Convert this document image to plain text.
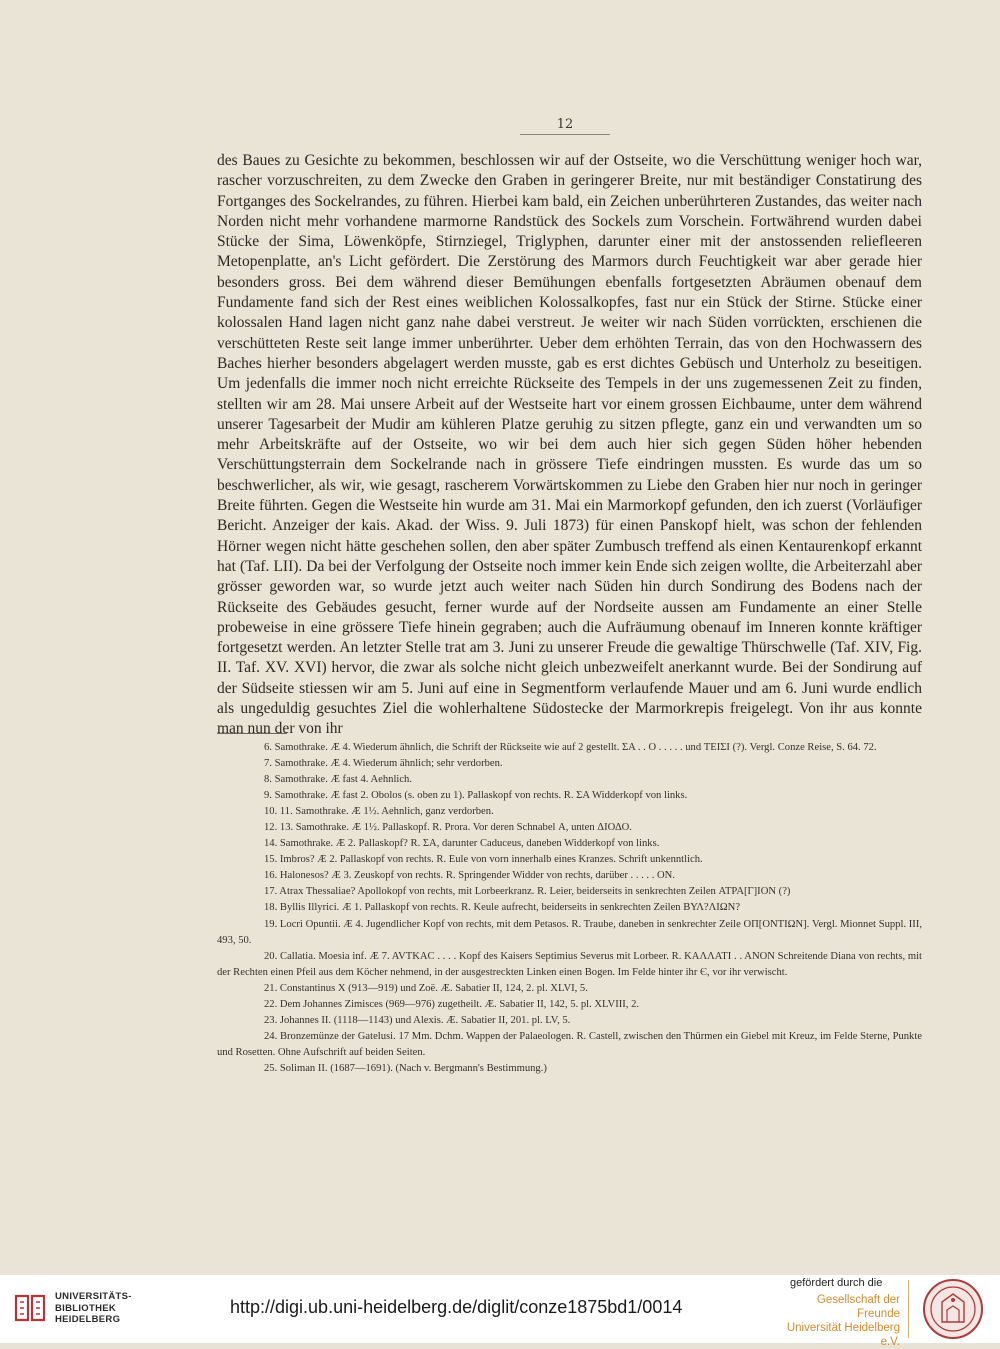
12

des Baues zu Gesichte zu bekommen, beschlossen wir auf der Ostseite, wo die Verschüttung weniger hoch war, rascher vorzuschreiten, zu dem Zwecke den Graben in geringerer Breite, nur mit beständiger Constatirung des Fortganges des Sockelrandes, zu führen. Hierbei kam bald, ein Zeichen unberührteren Zustandes, das weiter nach Norden nicht mehr vorhandene marmorne Randstück des Sockels zum Vorschein. Fortwährend wurden dabei Stücke der Sima, Löwenköpfe, Stirnziegel, Triglyphen, darunter einer mit der anstossenden reliefleeren Metopenplatte, an's Licht gefördert. Die Zerstörung des Marmors durch Feuchtigkeit war aber gerade hier besonders gross. Bei dem während dieser Bemühungen ebenfalls fortgesetzten Abräumen obenauf dem Fundamente fand sich der Rest eines weiblichen Kolossalkopfes, fast nur ein Stück der Stirne. Stücke einer kolossalen Hand lagen nicht ganz nahe dabei verstreut. Je weiter wir nach Süden vorrückten, erschienen die verschütteten Reste seit lange immer unberührter. Ueber dem erhöhten Terrain, das von den Hochwassern des Baches hierher besonders abgelagert werden musste, gab es erst dichtes Gebüsch und Unterholz zu beseitigen. Um jedenfalls die immer noch nicht erreichte Rückseite des Tempels in der uns zugemessenen Zeit zu finden, stellten wir am 28. Mai unsere Arbeit auf der Westseite hart vor einem grossen Eichbaume, unter dem während unserer Tagesarbeit der Mudir am kühleren Platze geruhig zu sitzen pflegte, ganz ein und verwandten um so mehr Arbeitskräfte auf der Ostseite, wo wir bei dem auch hier sich gegen Süden höher hebenden Verschüttungsterrain dem Sockelrande nach in grössere Tiefe eindringen mussten. Es wurde das um so beschwerlicher, als wir, wie gesagt, rascherem Vorwärtskommen zu Liebe den Graben hier nur noch in geringer Breite führten. Gegen die Westseite hin wurde am 31. Mai ein Marmorkopf gefunden, den ich zuerst (Vorläufiger Bericht. Anzeiger der kais. Akad. der Wiss. 9. Juli 1873) für einen Panskopf hielt, was schon der fehlenden Hörner wegen nicht hätte geschehen sollen, den aber später Zumbusch treffend als einen Kentaurenkopf erkannt hat (Taf. LII). Da bei der Verfolgung der Ostseite noch immer kein Ende sich zeigen wollte, die Arbeiterzahl aber grösser geworden war, so wurde jetzt auch weiter nach Süden hin durch Sondirung des Bodens nach der Rückseite des Gebäudes gesucht, ferner wurde auf der Nordseite aussen am Fundamente an einer Stelle probeweise in eine grössere Tiefe hinein gegraben; auch die Aufräumung obenauf im Inneren konnte kräftiger fortgesetzt werden. An letzter Stelle trat am 3. Juni zu unserer Freude die gewaltige Thürschwelle (Taf. XIV, Fig. II. Taf. XV. XVI) hervor, die zwar als solche nicht gleich unbezweifelt anerkannt wurde. Bei der Sondirung auf der Südseite stiessen wir am 5. Juni auf eine in Segmentform verlaufende Mauer und am 6. Juni wurde endlich als ungeduldig gesuchtes Ziel die wohlerhaltene Südostecke der Marmorkrepis freigelegt. Von ihr aus konnte man nun der von ihr

6. Samothrake. Æ 4. Wiederum ähnlich, die Schrift der Rückseite wie auf 2 gestellt. ΣΑ . . Ο . . . . . und ΤΕΙΣΙ (?). Vergl. Conze Reise, S. 64. 72.
7. Samothrake. Æ 4. Wiederum ähnlich; sehr verdorben.
8. Samothrake. Æ fast 4. Aehnlich.
9. Samothrake. Æ fast 2. Obolos (s. oben zu 1). Pallaskopf von rechts. R. ΣΑ Widderkopf von links.
10. 11. Samothrake. Æ 1½. Aehnlich, ganz verdorben.
12. 13. Samothrake. Æ 1½. Pallaskopf. R. Prora. Vor deren Schnabel Α, unten ΔΙΟΔΟ.
14. Samothrake. Æ 2. Pallaskopf? R. ΣΑ, darunter Caduceus, daneben Widderkopf von links.
15. Imbros? Æ 2. Pallaskopf von rechts. R. Eule von vorn innerhalb eines Kranzes. Schrift unkenntlich.
16. Halonesos? Æ 3. Zeuskopf von rechts. R. Springender Widder von rechts, darüber . . . . . ON.
17. Atrax Thessaliae? Apollokopf von rechts, mit Lorbeerkranz. R. Leier, beiderseits in senkrechten Zeilen ΑΤΡΑ[Γ]ΙΟΝ (?)
18. Byllis Illyrici. Æ 1. Pallaskopf von rechts. R. Keule aufrecht, beiderseits in senkrechten Zeilen ΒΥΛ?ΛΙΩΝ?
19. Locri Opuntii. Æ 4. Jugendlicher Kopf von rechts, mit dem Petasos. R. Traube, daneben in senkrechter Zeile ΟΠ[ΟΝΤΙΩΝ]. Vergl. Mionnet Suppl. III, 493, 50.
20. Callatia. Moesia inf. Æ 7. AVTKAC . . . . Kopf des Kaisers Septimius Severus mit Lorbeer. R. ΚΑΛΛΑΤΙ . . ΑΝΟΝ Schreitende Diana von rechts, mit der Rechten einen Pfeil aus dem Köcher nehmend, in der ausgestreckten Linken einen Bogen. Im Felde hinter ihr Є, vor ihr verwischt.
21. Constantinus X (913—919) und Zoë. Æ. Sabatier II, 124, 2. pl. XLVI, 5.
22. Dem Johannes Zimisces (969—976) zugetheilt. Æ. Sabatier II, 142, 5. pl. XLVIII, 2.
23. Johannes II. (1118—1143) und Alexis. Æ. Sabatier II, 201. pl. LV, 5.
24. Bronzemünze der Gatelusi. 17 Mm. Dchm. Wappen der Palaeologen. R. Castell, zwischen den Thürmen ein Giebel mit Kreuz, im Felde Sterne, Punkte und Rosetten. Ohne Aufschrift auf beiden Seiten.
25. Soliman II. (1687—1691). (Nach v. Bergmann's Bestimmung.)
UNIVERSITÄTS-
BIBLIOTHEK
HEIDELBERG
http://digi.ub.uni-heidelberg.de/diglit/conze1875bd1/0014
gefördert durch die
Gesellschaft der Freunde
Universität Heidelberg e.V.
